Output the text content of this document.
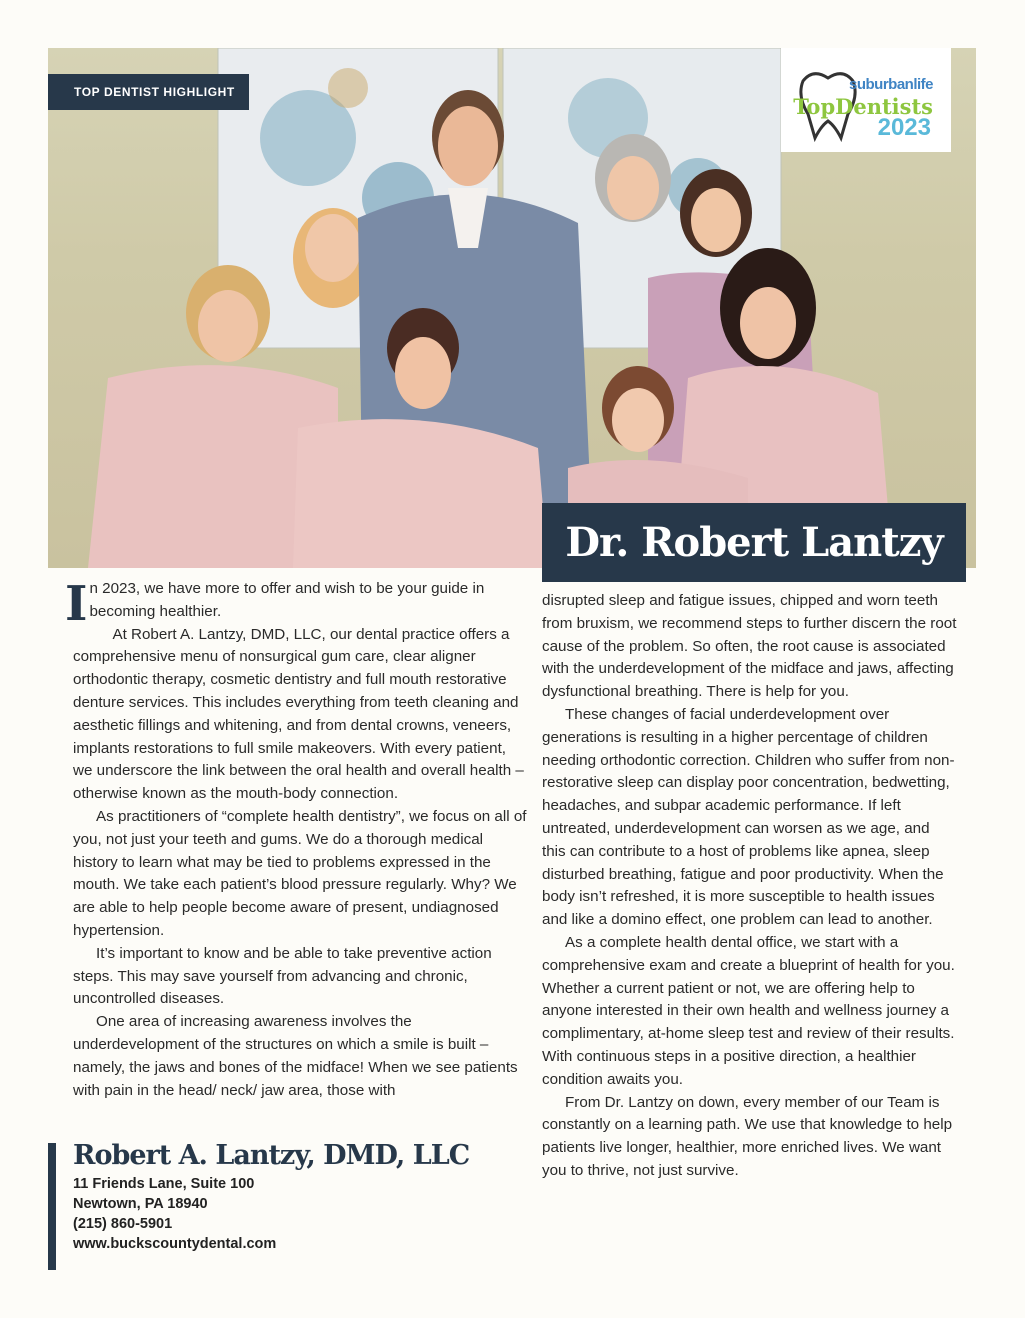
TOP DENTIST HIGHLIGHT	suburbanlife
TopDentists
2023
Dr. Robert Lantzy

In 2023, we have more to offer and wish to be your guide in becoming healthier.

At Robert A. Lantzy, DMD, LLC, our dental practice offers a comprehensive menu of nonsurgical gum care, clear aligner orthodontic therapy, cosmetic dentistry and full mouth restorative denture services. This includes everything from teeth cleaning and aesthetic fillings and whitening, and from dental crowns, veneers, implants restorations to full smile makeovers. With every patient, we underscore the link between the oral health and overall health – otherwise known as the mouth-body connection.

As practitioners of “complete health dentistry”, we focus on all of you, not just your teeth and gums. We do a thorough medical history to learn what may be tied to problems expressed in the mouth. We take each patient’s blood pressure regularly. Why? We are able to help people become aware of present, undiagnosed hypertension.

It’s important to know and be able to take preventive action steps. This may save yourself from advancing and chronic, uncontrolled diseases.

One area of increasing awareness involves the underdevelopment of the structures on which a smile is built – namely, the jaws and bones of the midface! When we see patients with pain in the head/ neck/ jaw area, those with

disrupted sleep and fatigue issues, chipped and worn teeth from bruxism, we recommend steps to further discern the root cause of the problem. So often, the root cause is associated with the underdevelopment of the midface and jaws, affecting dysfunctional breathing. There is help for you.

These changes of facial underdevelopment over generations is resulting in a higher percentage of children needing orthodontic correction. Children who suffer from non-restorative sleep can display poor concentration, bedwetting, headaches, and subpar academic performance. If left untreated, underdevelopment can worsen as we age, and this can contribute to a host of problems like apnea, sleep disturbed breathing, fatigue and poor productivity. When the body isn’t refreshed, it is more susceptible to health issues and like a domino effect, one problem can lead to another.

As a complete health dental office, we start with a comprehensive exam and create a blueprint of health for you. Whether a current patient or not, we are offering help to anyone interested in their own health and wellness journey a complimentary, at-home sleep test and review of their results. With continuous steps in a positive direction, a healthier condition awaits you.

From Dr. Lantzy on down, every member of our Team is constantly on a learning path. We use that knowledge to help patients live longer, healthier, more enriched lives. We want you to thrive, not just survive.

Robert A. Lantzy, DMD, LLC
11 Friends Lane, Suite 100
Newtown, PA 18940
(215) 860-5901
www.buckscountydental.com
